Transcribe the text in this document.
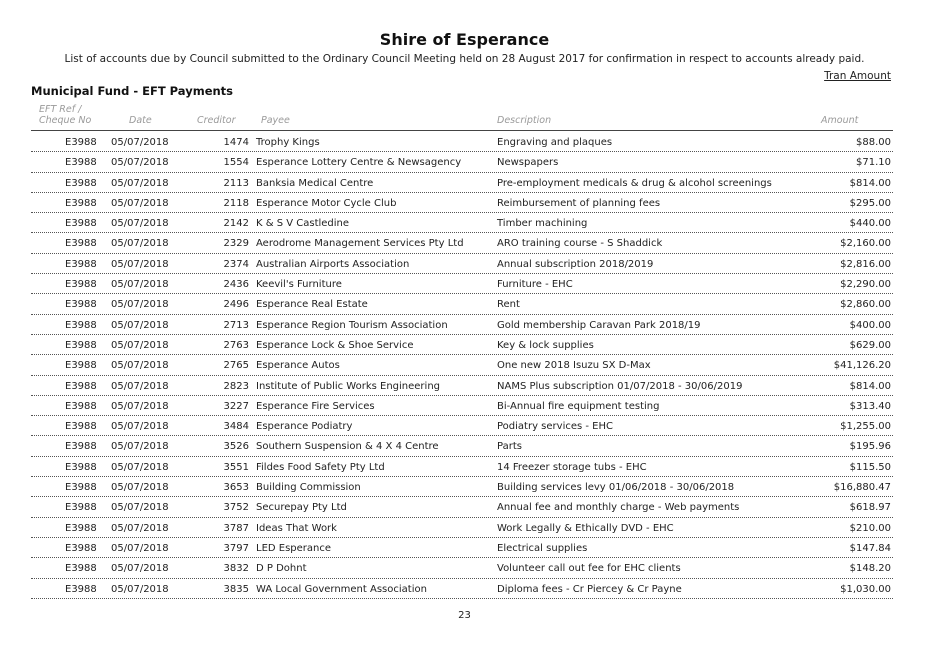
Shire of Esperance
List of accounts due by Council submitted to the Ordinary Council Meeting held on 28 August 2017 for confirmation in respect to accounts already paid.
Tran Amount
Municipal Fund - EFT Payments
EFT Ref /
Cheque No	Date	Creditor	Payee	Description	Amount
E3988 05/07/2018	1474 Trophy Kings	Engraving and plaques	$88.00
E3988 05/07/2018	1554 Esperance Lottery Centre & Newsagency	Newspapers	$71.10
E3988 05/07/2018	2113 Banksia Medical Centre	Pre-employment medicals & drug & alcohol screenings	$814.00
E3988 05/07/2018	2118 Esperance Motor Cycle Club	Reimbursement of planning fees	$295.00
E3988 05/07/2018	2142 K & S V Castledine	Timber machining	$440.00
E3988 05/07/2018	2329 Aerodrome Management Services Pty Ltd	ARO training course - S Shaddick	$2,160.00
E3988 05/07/2018	2374 Australian Airports Association	Annual subscription 2018/2019	$2,816.00
E3988 05/07/2018	2436 Keevil's Furniture	Furniture - EHC	$2,290.00
E3988 05/07/2018	2496 Esperance Real Estate	Rent	$2,860.00
E3988 05/07/2018	2713 Esperance Region Tourism Association	Gold membership Caravan Park 2018/19	$400.00
E3988 05/07/2018	2763 Esperance Lock & Shoe Service	Key & lock supplies	$629.00
E3988 05/07/2018	2765 Esperance Autos	One new 2018 Isuzu SX D-Max	$41,126.20
E3988 05/07/2018	2823 Institute of Public Works Engineering	NAMS Plus subscription 01/07/2018 - 30/06/2019	$814.00
E3988 05/07/2018	3227 Esperance Fire Services	Bi-Annual fire equipment testing	$313.40
E3988 05/07/2018	3484 Esperance Podiatry	Podiatry services - EHC	$1,255.00
E3988 05/07/2018	3526 Southern Suspension & 4 X 4 Centre	Parts	$195.96
E3988 05/07/2018	3551 Fildes Food Safety Pty Ltd	14 Freezer storage tubs - EHC	$115.50
E3988 05/07/2018	3653 Building Commission	Building services levy 01/06/2018 - 30/06/2018	$16,880.47
E3988 05/07/2018	3752 Securepay Pty Ltd	Annual fee and monthly charge - Web payments	$618.97
E3988 05/07/2018	3787 Ideas That Work	Work Legally & Ethically DVD - EHC	$210.00
E3988 05/07/2018	3797 LED Esperance	Electrical supplies	$147.84
E3988 05/07/2018	3832 D P Dohnt	Volunteer call out fee for EHC clients	$148.20
E3988 05/07/2018	3835 WA Local Government Association	Diploma fees - Cr Piercey & Cr Payne	$1,030.00
23
